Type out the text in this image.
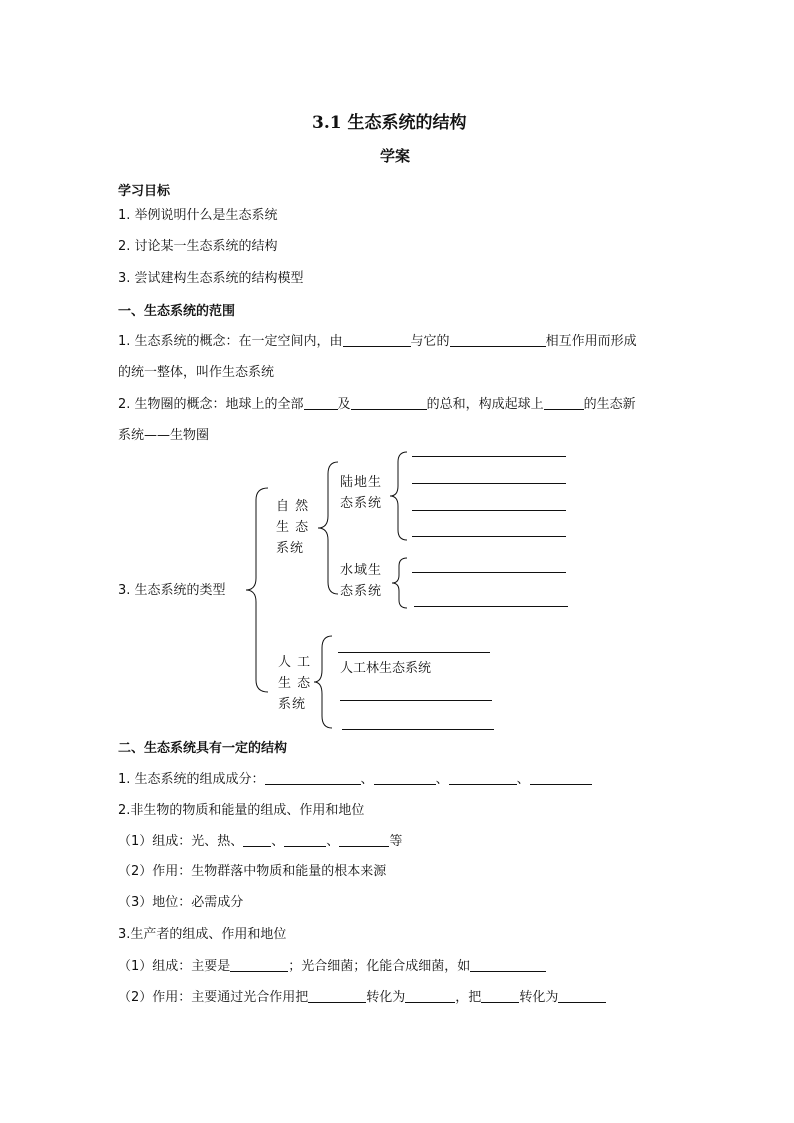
3.1 生态系统的结构
学案
学习目标
1. 举例说明什么是生态系统
2. 讨论某一生态系统的结构
3. 尝试建构生态系统的结构模型
一、生态系统的范围
1. 生态系统的概念：在一定空间内，由	与它的	相互作用而形成
的统一整体，叫作生态系统
2. 生物圈的概念：地球上的全部	及	的总和，构成起球上	的生态新
系统——生物圈
3. 生态系统的类型
自 然
生 态
系统
陆地生
态系统
水域生
态系统
人 工
生 态
系统
人工林生态系统
二、生态系统具有一定的结构
1. 生态系统的组成成分：	、	、	、
2.非生物的物质和能量的组成、作用和地位
（1）组成：光、热、 、	、	等
（2）作用：生物群落中物质和能量的根本来源
（3）地位：必需成分
3.生产者的组成、作用和地位
（1）组成：主要是	；光合细菌；化能合成细菌，如
（2）作用：主要通过光合作用把	转化为	，把	转化为
